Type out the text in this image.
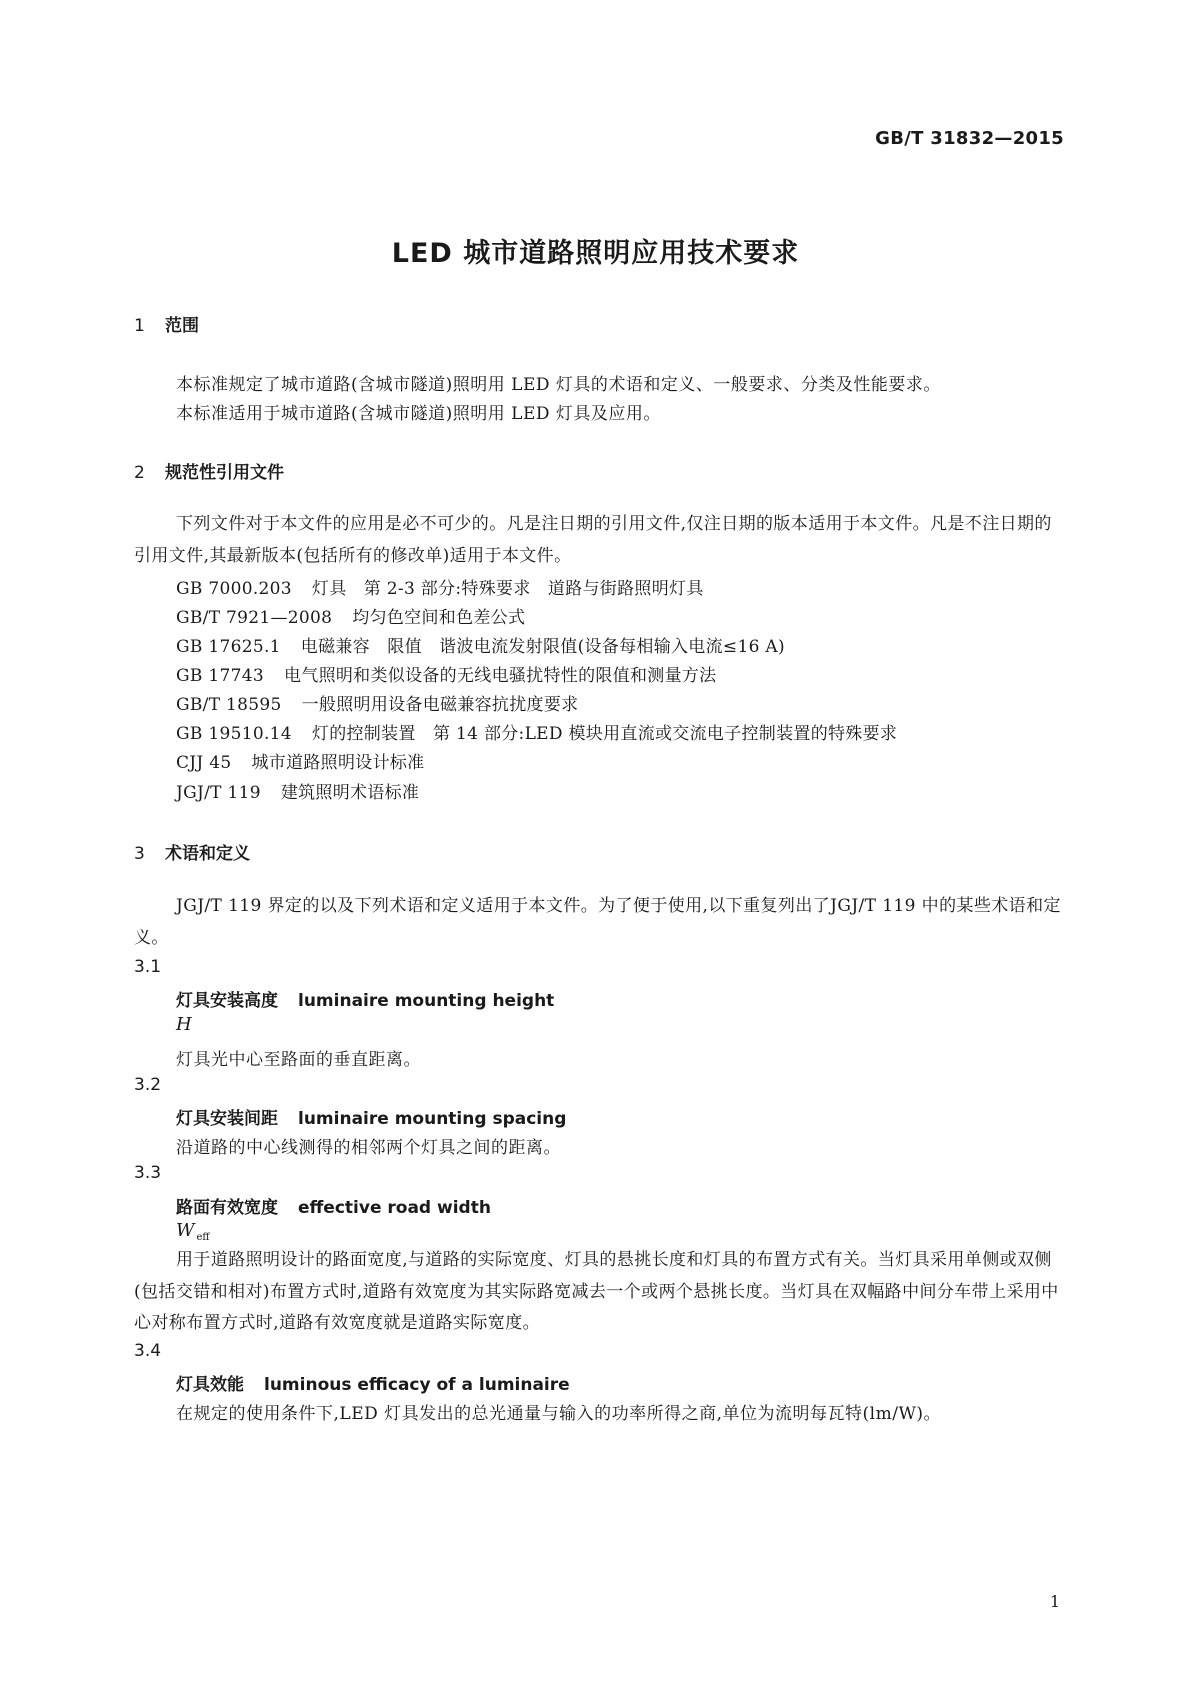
GB/T 31832—2015
LED 城市道路照明应用技术要求
1 范围
本标准规定了城市道路(含城市隧道)照明用 LED 灯具的术语和定义、一般要求、分类及性能要求。
本标准适用于城市道路(含城市隧道)照明用 LED 灯具及应用。
2 规范性引用文件
下列文件对于本文件的应用是必不可少的。凡是注日期的引用文件,仅注日期的版本适用于本文件。凡是不注日期的引用文件,其最新版本(包括所有的修改单)适用于本文件。
GB 7000.203 灯具　第 2-3 部分:特殊要求　道路与街路照明灯具
GB/T 7921—2008 均匀色空间和色差公式
GB 17625.1 电磁兼容　限值　谐波电流发射限值(设备每相输入电流≤16 A)
GB 17743 电气照明和类似设备的无线电骚扰特性的限值和测量方法
GB/T 18595 一般照明用设备电磁兼容抗扰度要求
GB 19510.14 灯的控制装置　第 14 部分:LED 模块用直流或交流电子控制装置的特殊要求
CJJ 45 城市道路照明设计标准
JGJ/T 119 建筑照明术语标准
3 术语和定义
JGJ/T 119 界定的以及下列术语和定义适用于本文件。为了便于使用,以下重复列出了JGJ/T 119 中的某些术语和定义。
3.1
灯具安装高度 luminaire mounting height
H
灯具光中心至路面的垂直距离。
3.2
灯具安装间距 luminaire mounting spacing
沿道路的中心线测得的相邻两个灯具之间的距离。
3.3
路面有效宽度 effective road width
W $_{eff}$
用于道路照明设计的路面宽度,与道路的实际宽度、灯具的悬挑长度和灯具的布置方式有关。当灯具采用单侧或双侧(包括交错和相对)布置方式时,道路有效宽度为其实际路宽减去一个或两个悬挑长度。当灯具在双幅路中间分车带上采用中心对称布置方式时,道路有效宽度就是道路实际宽度。
3.4
灯具效能 luminous efficacy of a luminaire
在规定的使用条件下,LED 灯具发出的总光通量与输入的功率所得之商,单位为流明每瓦特(lm/W)。
1
